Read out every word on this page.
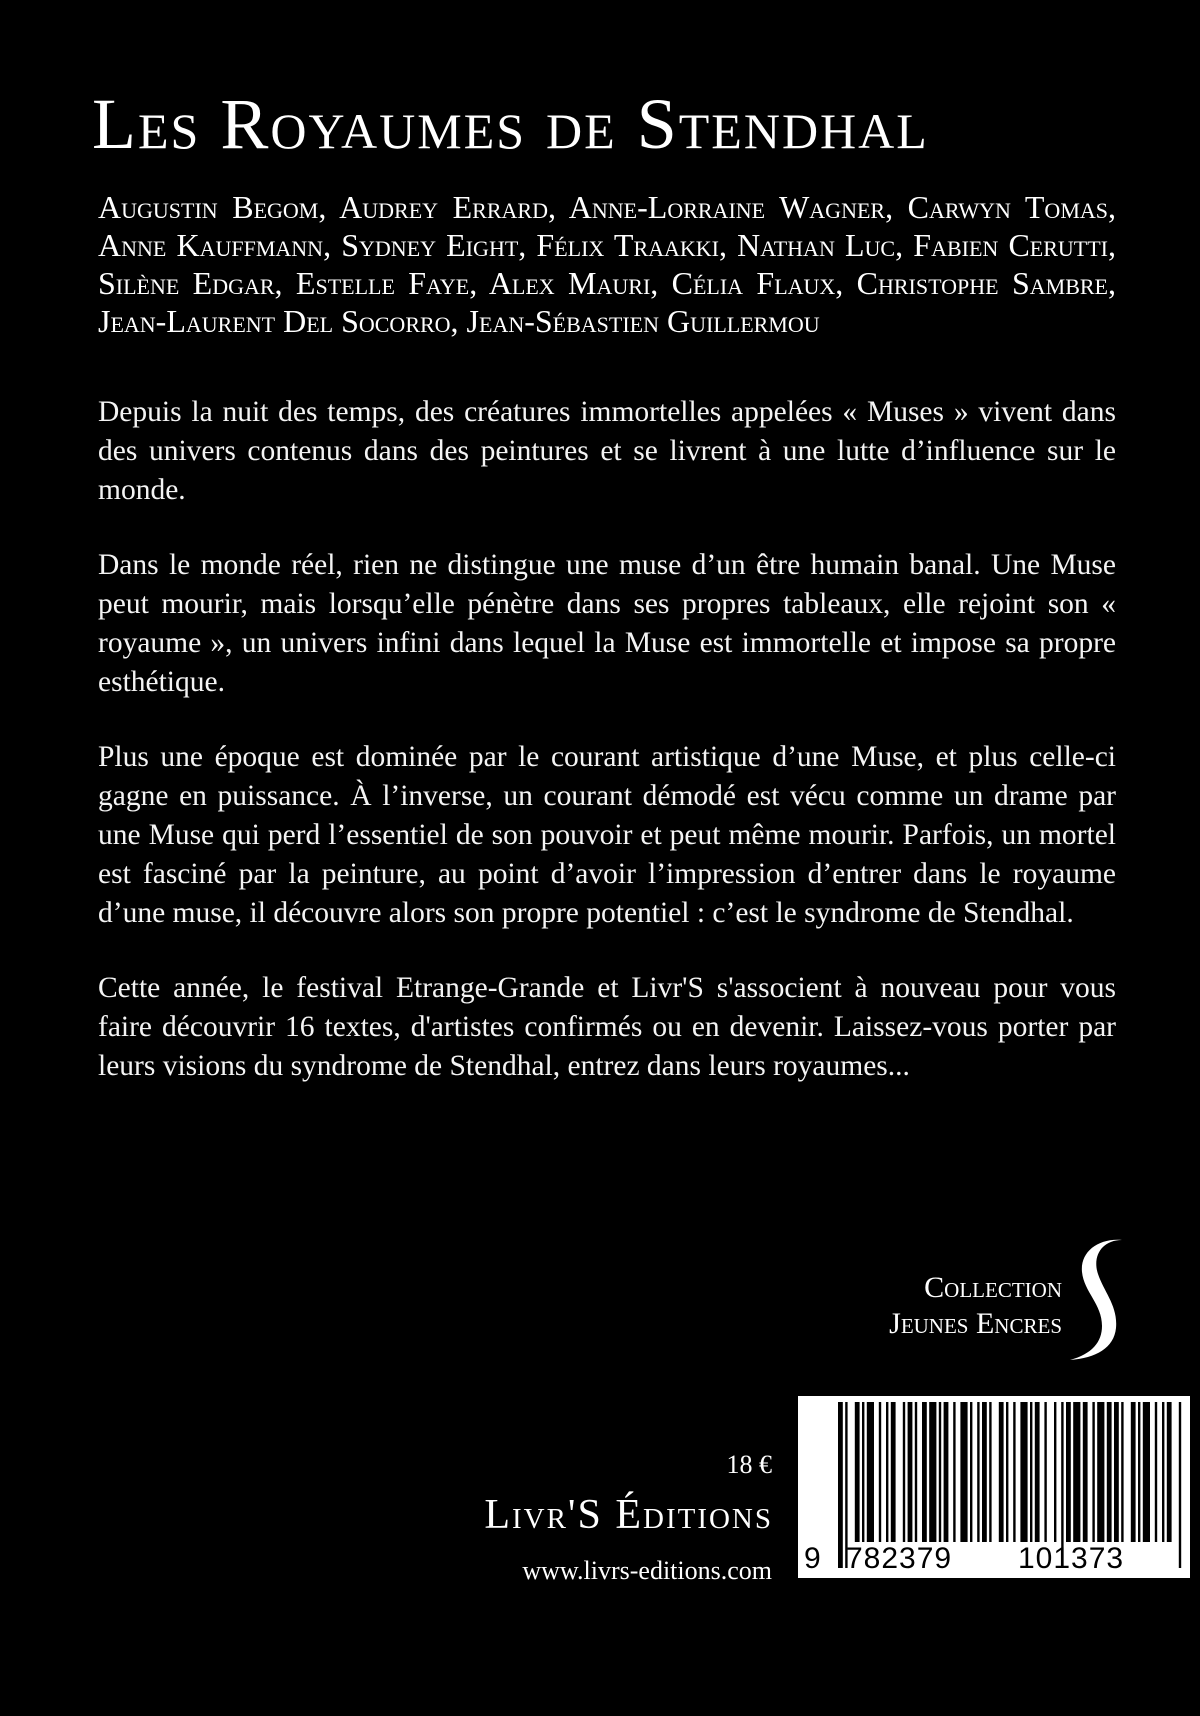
Les Royaumes de Stendhal

Augustin Begom, Audrey Errard, Anne-Lorraine Wagner, Carwyn Tomas, Anne Kauffmann, Sydney Eight, Félix Traakki, Nathan Luc, Fabien Cerutti, Silène Edgar, Estelle Faye, Alex Mauri, Célia Flaux, Christophe Sambre, Jean-Laurent Del Socorro, Jean-Sébastien Guillermou

Depuis la nuit des temps, des créatures immortelles appelées « Muses » vivent dans des univers contenus dans des peintures et se livrent à une lutte d’influence sur le monde.

Dans le monde réel, rien ne distingue une muse d’un être humain banal. Une Muse peut mourir, mais lorsqu’elle pénètre dans ses propres tableaux, elle rejoint son « royaume », un univers infini dans lequel la Muse est immortelle et impose sa propre esthétique.

Plus une époque est dominée par le courant artistique d’une Muse, et plus celle-ci gagne en puissance. À l’inverse, un courant démodé est vécu comme un drame par une Muse qui perd l’essentiel de son pouvoir et peut même mourir. Parfois, un mortel est fasciné par la peinture, au point d’avoir l’impression d’entrer dans le royaume d’une muse, il découvre alors son propre potentiel : c’est le syndrome de Stendhal.

Cette année, le festival Etrange-Grande et Livr'S s'associent à nouveau pour vous faire découvrir 16 textes, d'artistes confirmés ou en devenir. Laissez-vous porter par leurs visions du syndrome de Stendhal, entrez dans leurs royaumes...

Collection
Jeunes Encres
18 €
Livr'S Éditions
www.livrs-editions.com 9 782379 101373
